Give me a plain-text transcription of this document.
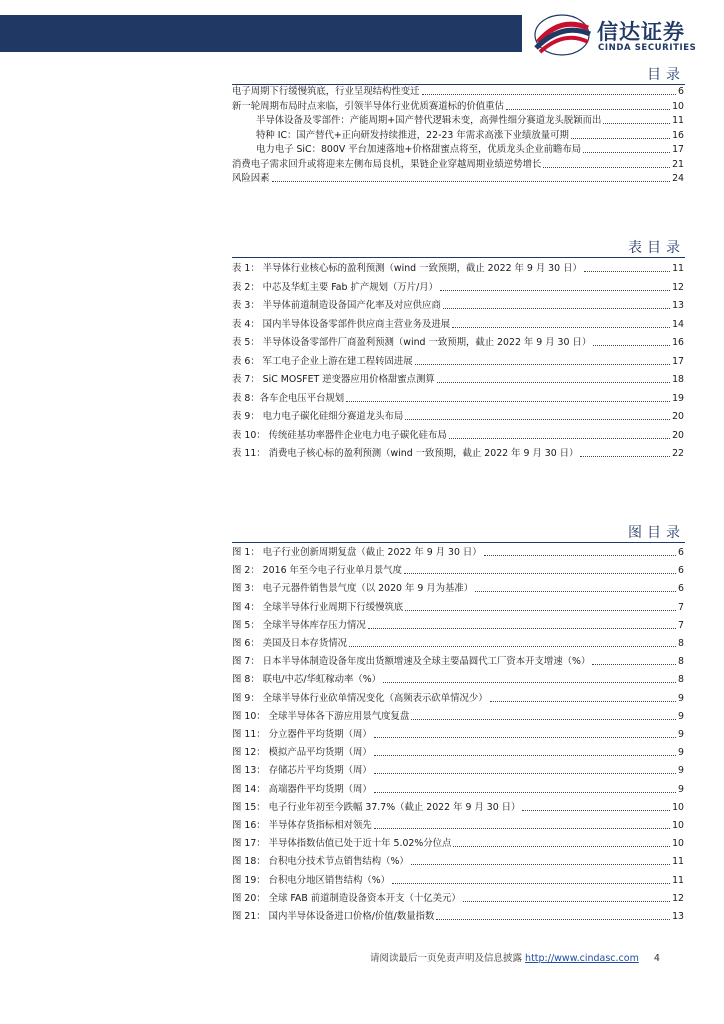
信达证券
CINDA SECURITIES
目录
电子周期下行缓慢筑底，行业呈现结构性变迁	6
新一轮周期布局时点来临，引领半导体行业优质赛道标的价值重估	10
半导体设备及零部件：产能周期+国产替代逻辑未变，高弹性细分赛道龙头脱颖而出	11
特种 IC：国产替代+正向研发持续推进，22-23 年需求高涨下业绩放量可期	16
电力电子 SiC：800V 平台加速落地+价格甜蜜点将至，优质龙头企业前瞻布局	17
消费电子需求回升或将迎来左侧布局良机，果链企业穿越周期业绩逆势增长	21
风险因素	24
表目录
表 1： 半导体行业核心标的盈利预测（wind 一致预期，截止 2022 年 9 月 30 日）	11
表 2： 中芯及华虹主要 Fab 扩产规划（万片/月）	12
表 3： 半导体前道制造设备国产化率及对应供应商	13
表 4： 国内半导体设备零部件供应商主营业务及进展	14
表 5： 半导体设备零部件厂商盈利预测（wind 一致预期，截止 2022 年 9 月 30 日）	16
表 6： 军工电子企业上游在建工程转固进展	17
表 7： SiC MOSFET 逆变器应用价格甜蜜点测算	18
表 8：各车企电压平台规划	19
表 9： 电力电子碳化硅细分赛道龙头布局	20
表 10： 传统硅基功率器件企业电力电子碳化硅布局	20
表 11： 消费电子核心标的盈利预测（wind 一致预期，截止 2022 年 9 月 30 日）	22
图目录
图 1： 电子行业创新周期复盘（截止 2022 年 9 月 30 日）	6
图 2： 2016 年至今电子行业单月景气度	6
图 3： 电子元器件销售景气度（以 2020 年 9 月为基准）	6
图 4： 全球半导体行业周期下行缓慢筑底	7
图 5： 全球半导体库存压力情况	7
图 6： 美国及日本存货情况	8
图 7： 日本半导体制造设备年度出货额增速及全球主要晶圆代工厂资本开支增速（%）	8
图 8： 联电/中芯/华虹稼动率（%）	8
图 9： 全球半导体行业砍单情况变化（高频表示砍单情况少）	9
图 10： 全球半导体各下游应用景气度复盘	9
图 11： 分立器件平均货期（周）	9
图 12： 模拟产品平均货期（周）	9
图 13： 存储芯片平均货期（周）	9
图 14： 高端器件平均货期（周）	9
图 15： 电子行业年初至今跌幅 37.7%（截止 2022 年 9 月 30 日）	10
图 16： 半导体存货指标相对领先	10
图 17： 半导体指数估值已处于近十年 5.02%分位点	10
图 18： 台积电分技术节点销售结构（%）	11
图 19： 台积电分地区销售结构（%）	11
图 20： 全球 FAB 前道制造设备资本开支（十亿美元）	12
图 21： 国内半导体设备进口价格/价值/数量指数	13
请阅读最后一页免责声明及信息披露 http://www.cindasc.com 4
